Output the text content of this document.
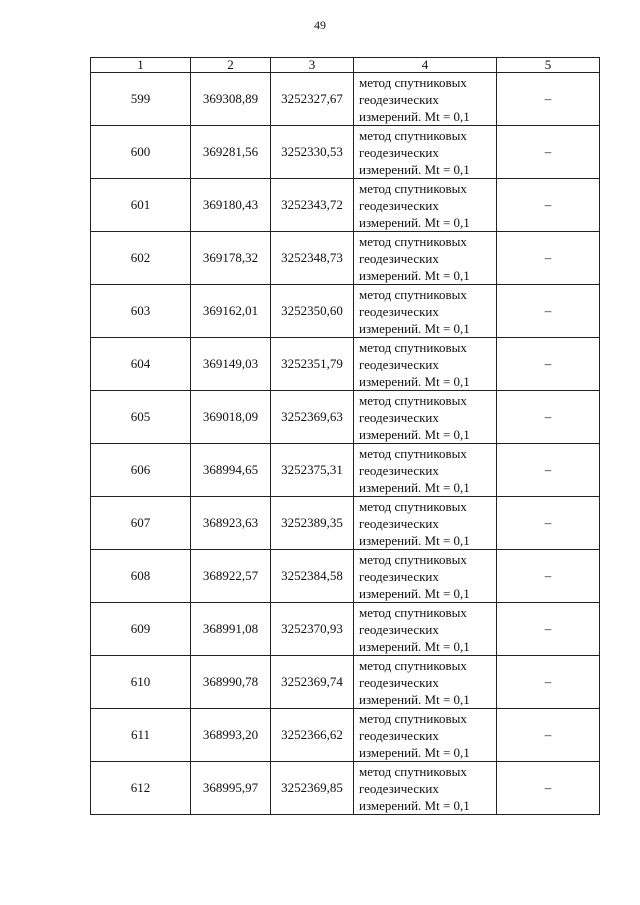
49
1	2	3	4	5
599	369308,89	3252327,67	метод спутниковых
геодезических
измерений. Mt = 0,1	–
600	369281,56	3252330,53	метод спутниковых
геодезических
измерений. Mt = 0,1	–
601	369180,43	3252343,72	метод спутниковых
геодезических
измерений. Mt = 0,1	–
602	369178,32	3252348,73	метод спутниковых
геодезических
измерений. Mt = 0,1	–
603	369162,01	3252350,60	метод спутниковых
геодезических
измерений. Mt = 0,1	–
604	369149,03	3252351,79	метод спутниковых
геодезических
измерений. Mt = 0,1	–
605	369018,09	3252369,63	метод спутниковых
геодезических
измерений. Mt = 0,1	–
606	368994,65	3252375,31	метод спутниковых
геодезических
измерений. Mt = 0,1	–
607	368923,63	3252389,35	метод спутниковых
геодезических
измерений. Mt = 0,1	–
608	368922,57	3252384,58	метод спутниковых
геодезических
измерений. Mt = 0,1	–
609	368991,08	3252370,93	метод спутниковых
геодезических
измерений. Mt = 0,1	–
610	368990,78	3252369,74	метод спутниковых
геодезических
измерений. Mt = 0,1	–
611	368993,20	3252366,62	метод спутниковых
геодезических
измерений. Mt = 0,1	–
612	368995,97	3252369,85	метод спутниковых
геодезических
измерений. Mt = 0,1	–
